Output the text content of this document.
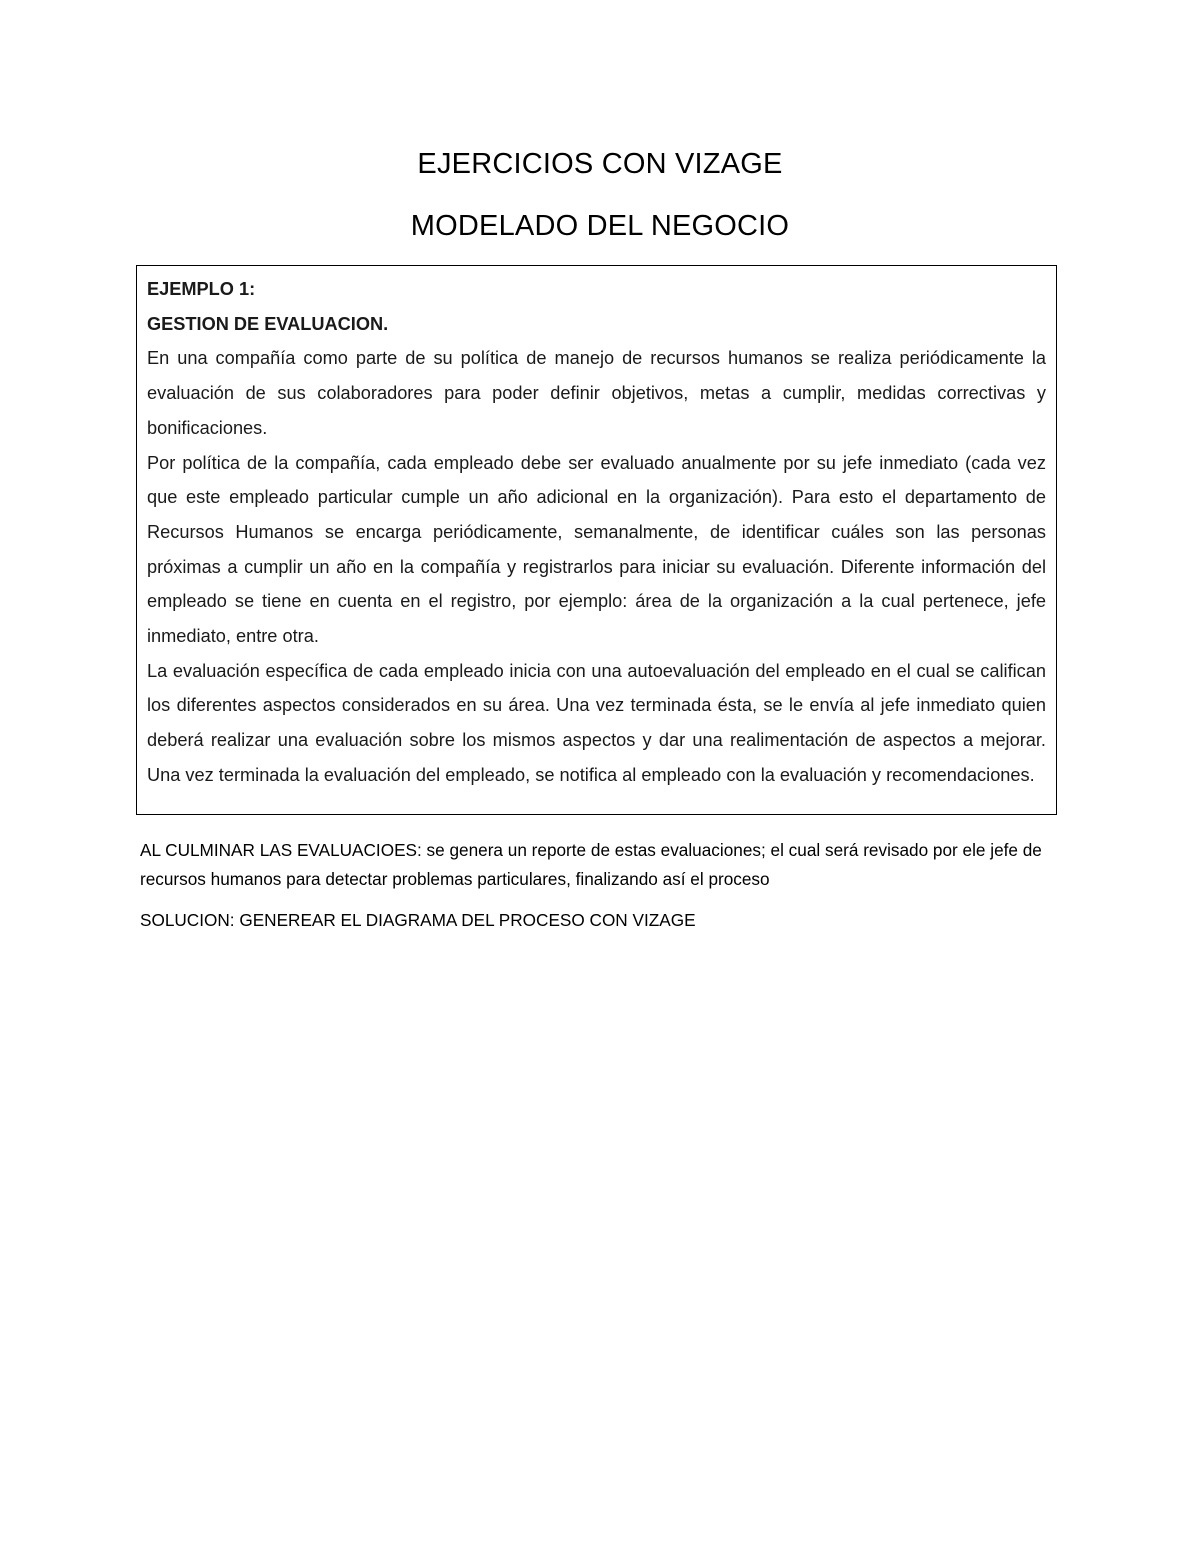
EJERCICIOS CON VIZAGE
MODELADO DEL NEGOCIO

EJEMPLO 1:

GESTION DE EVALUACION.

En una compañía como parte de su política de manejo de recursos humanos se realiza periódicamente la evaluación de sus colaboradores para poder definir objetivos, metas a cumplir, medidas correctivas y bonificaciones.

Por política de la compañía, cada empleado debe ser evaluado anualmente por su jefe inmediato (cada vez que este empleado particular cumple un año adicional en la organización). Para esto el departamento de Recursos Humanos se encarga periódicamente, semanalmente, de identificar cuáles son las personas próximas a cumplir un año en la compañía y registrarlos para iniciar su evaluación. Diferente información del empleado se tiene en cuenta en el registro, por ejemplo: área de la organización a la cual pertenece, jefe inmediato, entre otra.

La evaluación específica de cada empleado inicia con una autoevaluación del empleado en el cual se califican los diferentes aspectos considerados en su área. Una vez terminada ésta, se le envía al jefe inmediato quien deberá realizar una evaluación sobre los mismos aspectos y dar una realimentación de aspectos a mejorar. Una vez terminada la evaluación del empleado, se notifica al empleado con la evaluación y recomendaciones.

AL CULMINAR LAS EVALUACIOES: se genera un reporte de estas evaluaciones; el cual será revisado por ele jefe de recursos humanos para detectar problemas particulares, finalizando así el proceso

SOLUCION: GENEREAR EL DIAGRAMA DEL PROCESO CON VIZAGE
